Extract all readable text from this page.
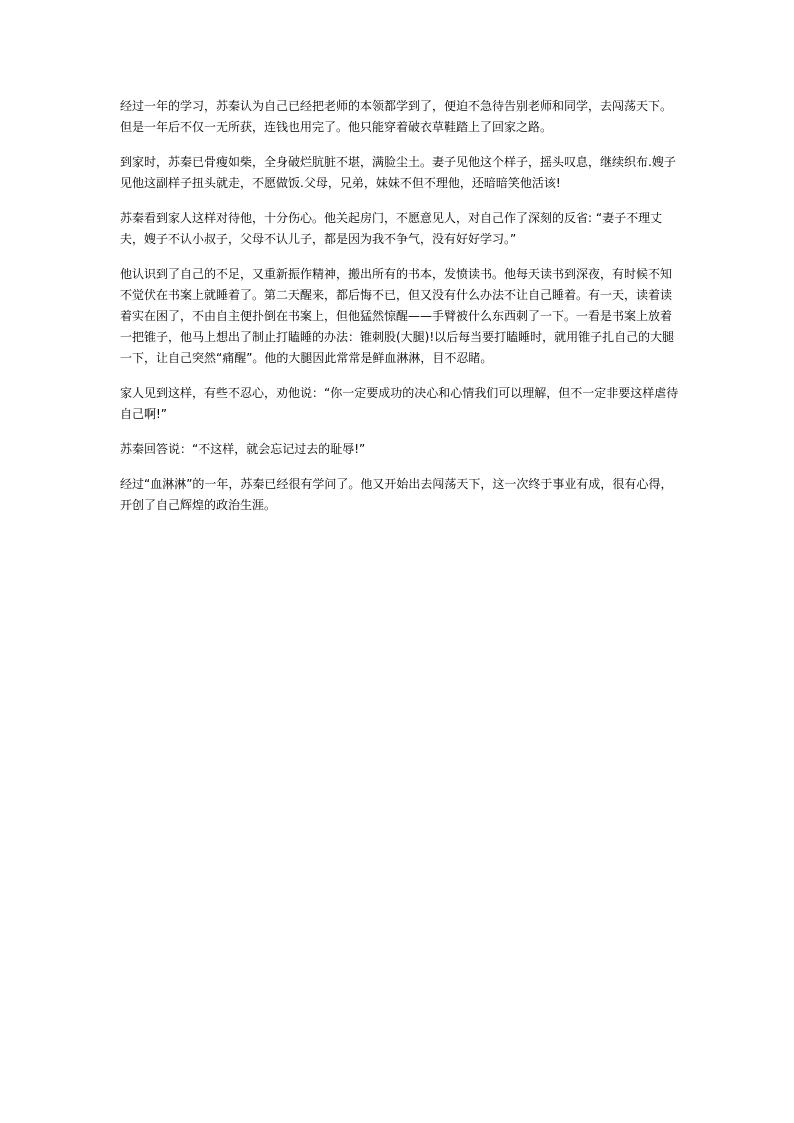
经过一年的学习，苏秦认为自己已经把老师的本领都学到了，便迫不急待告别老师和同学，去闯荡天下。但是一年后不仅一无所获，连钱也用完了。他只能穿着破衣草鞋踏上了回家之路。

到家时，苏秦已骨瘦如柴，全身破烂肮脏不堪，满脸尘土。妻子见他这个样子，摇头叹息，继续织布.嫂子见他这副样子扭头就走，不愿做饭.父母，兄弟，妹妹不但不理他，还暗暗笑他活该!

苏秦看到家人这样对待他，十分伤心。他关起房门，不愿意见人，对自己作了深刻的反省: “妻子不理丈夫，嫂子不认小叔子，父母不认儿子，都是因为我不争气，没有好好学习。”

他认识到了自己的不足，又重新振作精神，搬出所有的书本，发愤读书。他每天读书到深夜，有时候不知不觉伏在书案上就睡着了。第二天醒来，都后悔不已，但又没有什么办法不让自己睡着。有一天，读着读着实在困了，不由自主便扑倒在书案上，但他猛然惊醒——手臂被什么东西刺了一下。一看是书案上放着一把锥子，他马上想出了制止打瞌睡的办法：锥刺股(大腿)!以后每当要打瞌睡时，就用锥子扎自己的大腿一下，让自己突然“痛醒”。他的大腿因此常常是鲜血淋淋，目不忍睹。

家人见到这样，有些不忍心，劝他说：“你一定要成功的决心和心情我们可以理解，但不一定非要这样虐待自己啊!”

苏秦回答说：“不这样，就会忘记过去的耻辱!”

经过“血淋淋”的一年，苏秦已经很有学问了。他又开始出去闯荡天下，这一次终于事业有成，很有心得，开创了自己辉煌的政治生涯。
